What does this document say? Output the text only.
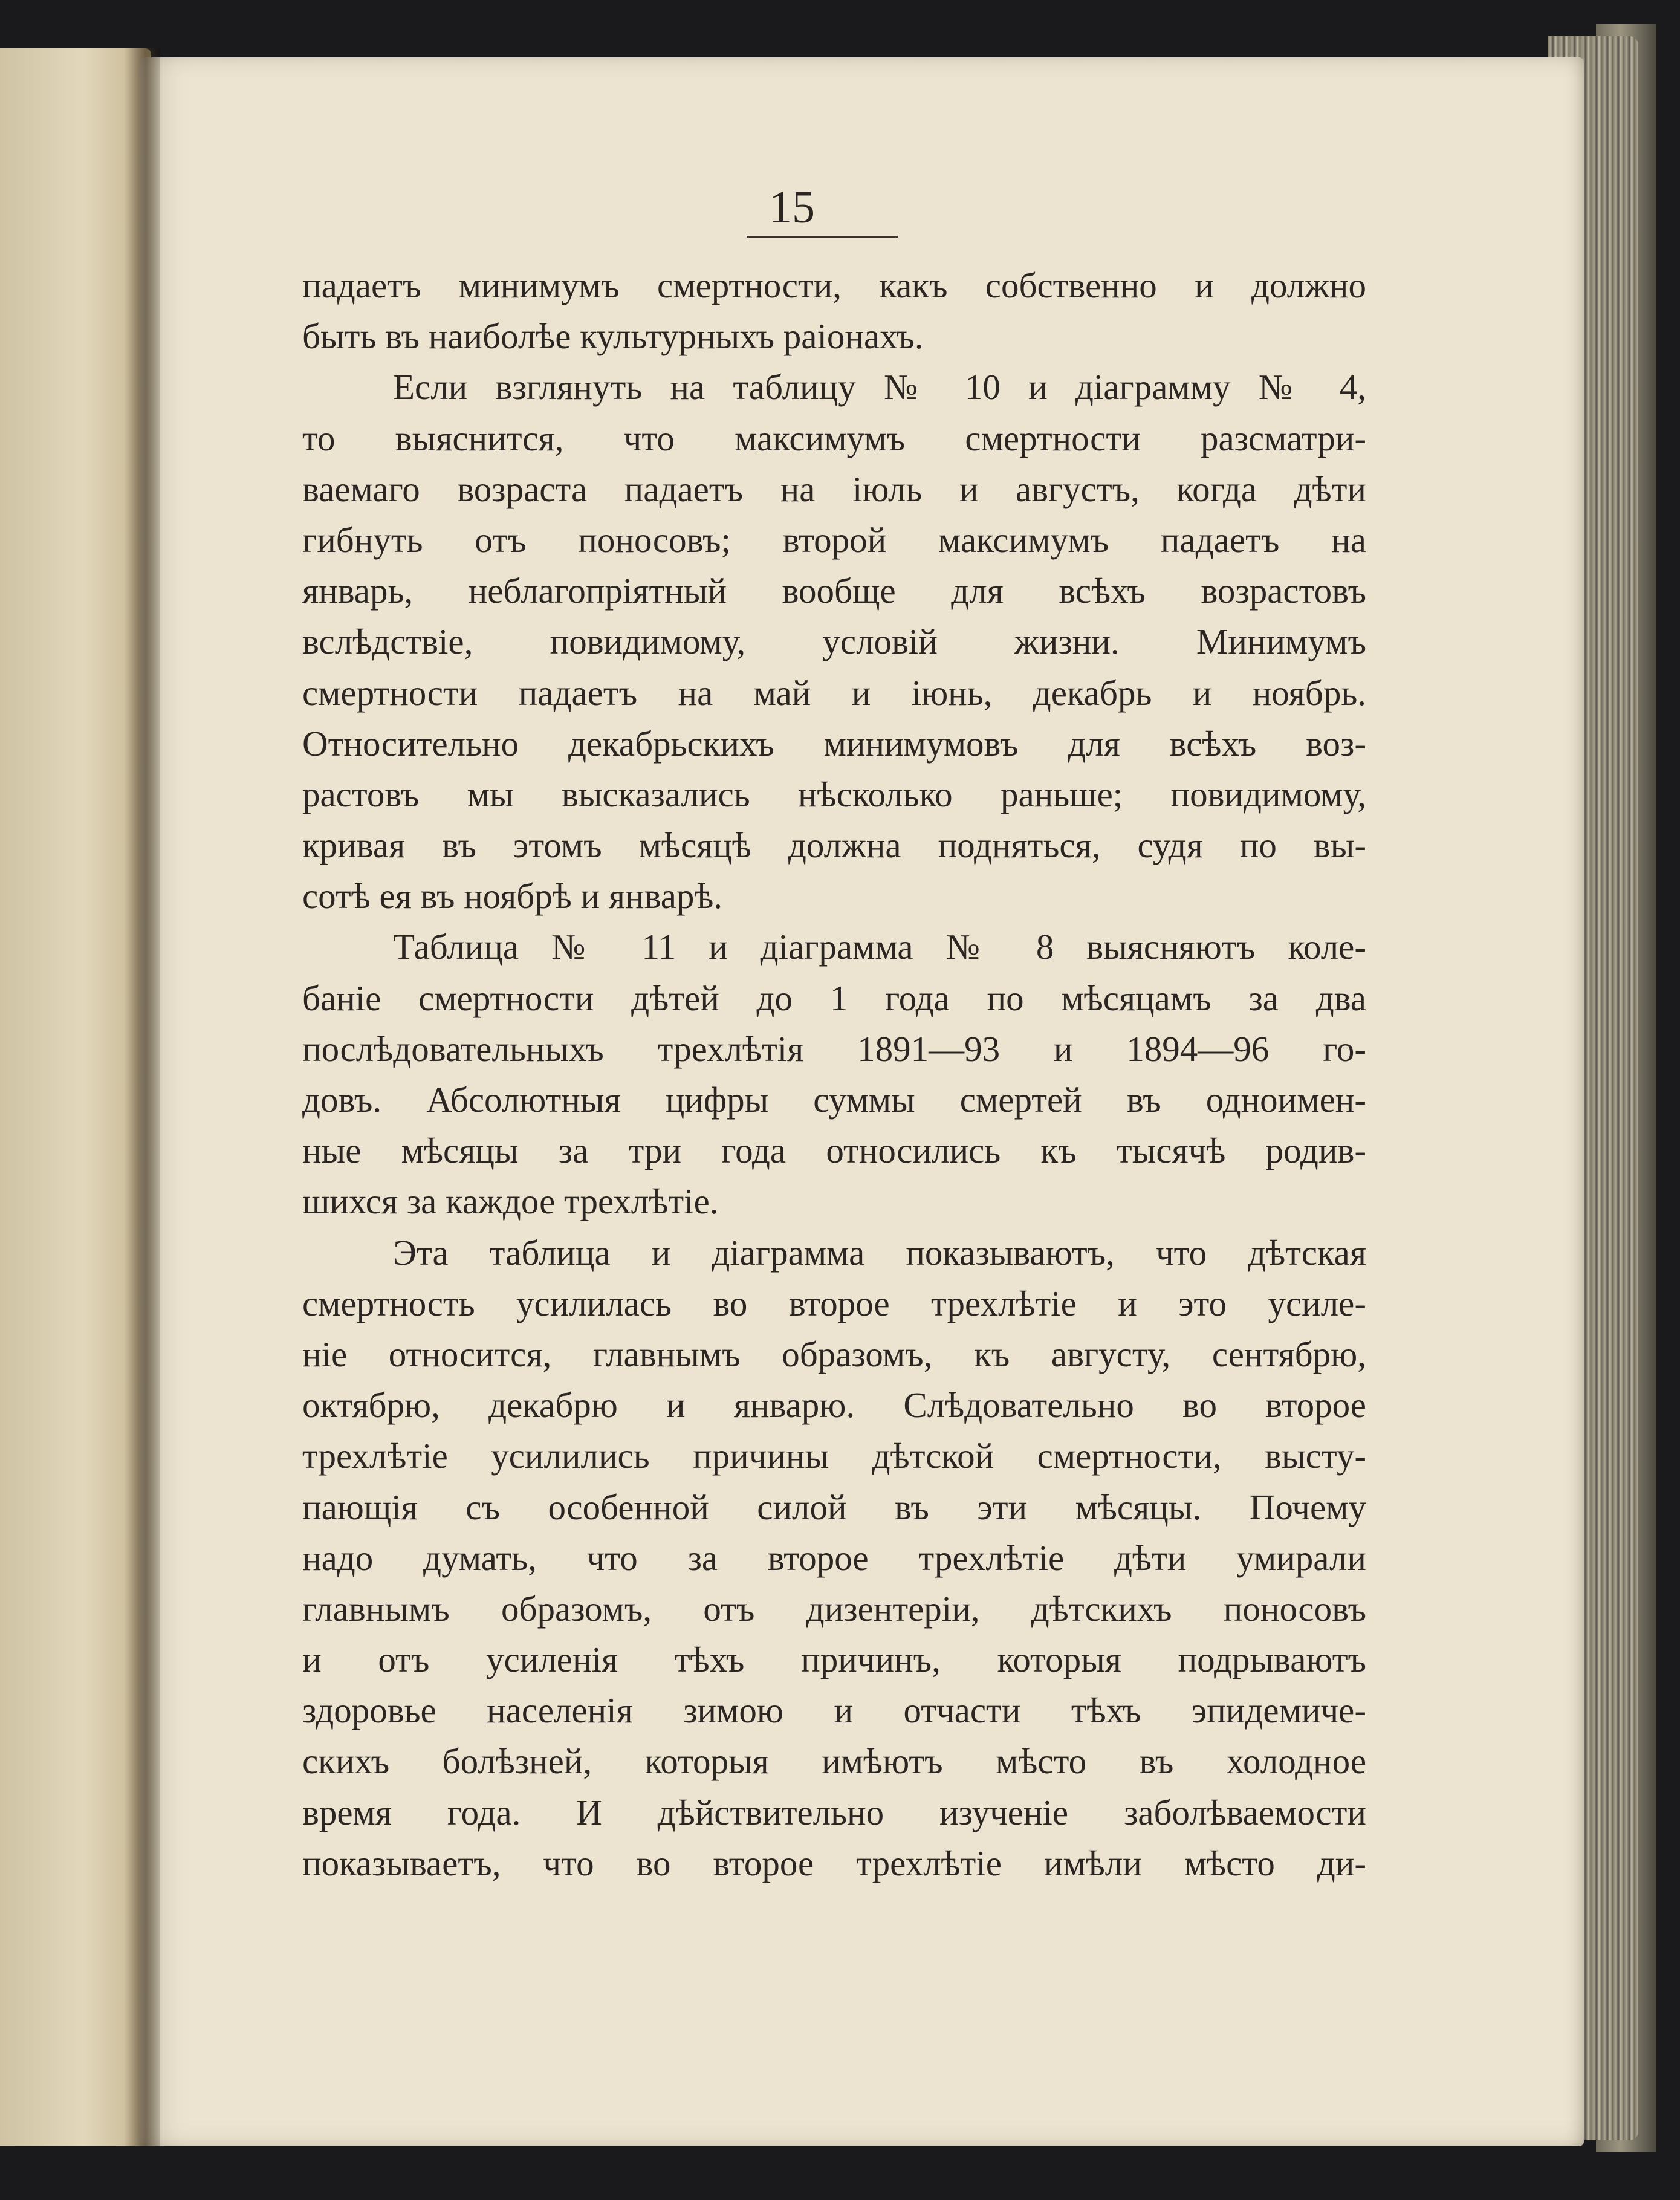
15
падаетъ минимумъ смертности, какъ собственно и должно
быть въ наиболѣе культурныхъ раіонахъ.
Если взглянуть на таблицу № 10 и діаграмму № 4,
то выяснится, что максимумъ смертности разсматри-
ваемаго возраста падаетъ на іюль и августъ, когда дѣти
гибнуть отъ поносовъ; второй максимумъ падаетъ на
январь, неблагопріятный вообще для всѣхъ возрастовъ
вслѣдствіе, повидимому, условій жизни. Минимумъ
смертности падаетъ на май и іюнь, декабрь и ноябрь.
Относительно декабрьскихъ минимумовъ для всѣхъ воз-
растовъ мы высказались нѣсколько раньше; повидимому,
кривая въ этомъ мѣсяцѣ должна подняться, судя по вы-
сотѣ ея въ ноябрѣ и январѣ.
Таблица № 11 и діаграмма № 8 выясняютъ коле-
баніе смертности дѣтей до 1 года по мѣсяцамъ за два
послѣдовательныхъ трехлѣтія 1891—93 и 1894—96 го-
довъ. Абсолютныя цифры суммы смертей въ одноимен-
ные мѣсяцы за три года относились къ тысячѣ родив-
шихся за каждое трехлѣтіе.
Эта таблица и діаграмма показываютъ, что дѣтская
смертность усилилась во второе трехлѣтіе и это усиле-
ніе относится, главнымъ образомъ, къ августу, сентябрю,
октябрю, декабрю и январю. Слѣдовательно во второе
трехлѣтіе усилились причины дѣтской смертности, высту-
пающія съ особенной силой въ эти мѣсяцы. Почему
надо думать, что за второе трехлѣтіе дѣти умирали
главнымъ образомъ, отъ дизентеріи, дѣтскихъ поносовъ
и отъ усиленія тѣхъ причинъ, которыя подрываютъ
здоровье населенія зимою и отчасти тѣхъ эпидемиче-
скихъ болѣзней, которыя имѣютъ мѣсто въ холодное
время года. И дѣйствительно изученіе заболѣваемости
показываетъ, что во второе трехлѣтіе имѣли мѣсто ди-
